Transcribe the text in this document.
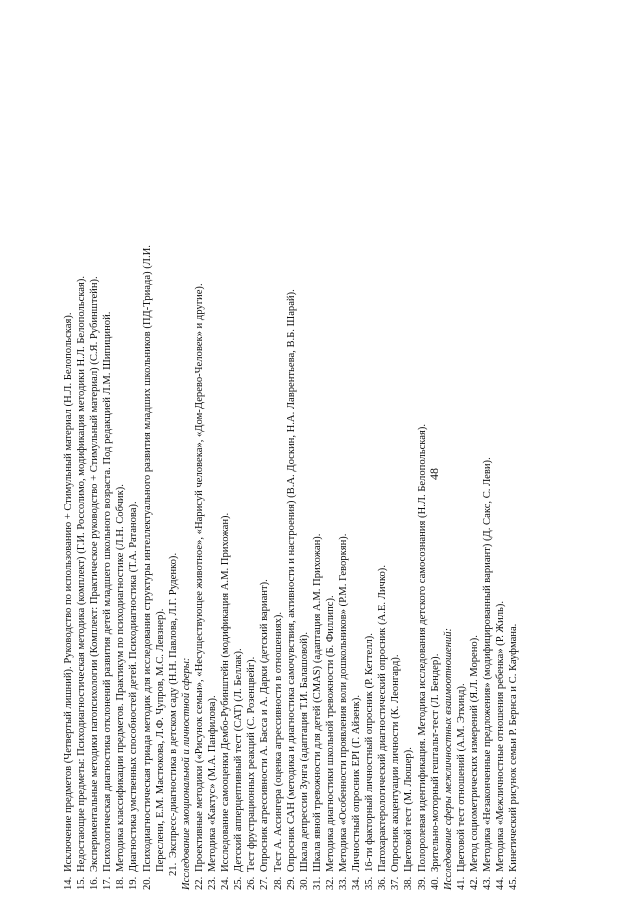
48
14.
Исключение предметов (Четвертый лишний). Руководство по использованию + Стимульный материал (Н.Л. Белопольская).
15.
Недостающие предметы: Психодиагностическая методика (комплект) (Г.И. Россолимо, модификация методики Н.Л. Белопольская).
16.
Экспериментальные методики патопсихологии (Комплект: Практическое руководство + Стимульный материал) (С.Я. Рубинштейн).
17.
Психологическая диагностика отклонений развития детей младшего школьного возраста. Под редакцией Л.М. Шипициной.
18.
Методика классификации предметов. Практикум по психодиагностике (Л.Н. Собчик).
19.
Диагностика умственных способностей детей. Психодиагностика (Т.А. Ратанова).
20.
Психодиагностическая триада методик для исследования структуры интеллектуального развития младших школьников (ПД-Триада) (Л.И. Переслени, Е.М. Мастюкова, Л.Ф. Чупров, М.С. Левзнер). 21.
Экспресс-диагностика в детском саду (Н.Н. Павлова, Л.Г. Руденко). Исследование эмоциональной и личностной сферы: 22.
Проективные методики («Рисунок семьи», «Несуществующее животное», «Нарисуй человека», «Дом-Дерево-Человек» и другие).
23.
Методика «Кактус» (М.А. Панфилова).
24.
Исследование самооценки Дембо-Рубинштейн (модификация А.М. Прихожан).
25.
Детский апперцептивный тест (CAT) (Л. Беллак).
26.
Тест фрустрационных реакций (С. Розенцвейг).
27.
Опросник агрессивности А. Басса и А. Дарки (детский вариант).
28.
Тест А. Ассингера (оценка агрессивности в отношениях).
29.
Опросник САН (методика и диагностика самочувствия, активности и настроения) (В.А. Доскин, Н.А. Лаврентьева, В.Б. Шарай).
30.
Шкала депрессии Зунга (адаптация Т.И. Балашовой).
31.
Шкала явной тревожности для детей (CMAS) (адаптация А.М. Прихожан).
32.
Методика диагностики школьной тревожности (Б. Филлипс).
33.
Методика «Особенности проявления воли дошкольников» (Р.М. Геворкян).
34.
Личностный опросник EPI (Г. Айзенк).
35.
16-ти факторный личностный опросник (Р. Кеттелл).
36.
Патохарактерологический диагностический опросник (А.Е. Личко).
37.
Опросник акцентуации личности (К. Леонгард).
38.
Цветовой тест (М. Люшер).
39.
Полоролевая идентификация. Методика исследования детского самосознания (Н.Л. Белопольская).
40.
Зрительно-моторный гештальт-тест (Л. Бендер). Исследование сферы межличностных взаимоотношений: 41.
Цветовой тест отношений (А.М. Эткинд).
42.
Метод социометрических измерений (Я.Л. Морено).
43.
Методика «Незаконченные предложения» (модифицированный вариант) (Д. Сакс, С. Леви).
44.
Методика «Межличностные отношения ребенка» (Р. Жиль).
45.
Кинетический рисунок семьи Р. Бернса и С. Кауфмана.
